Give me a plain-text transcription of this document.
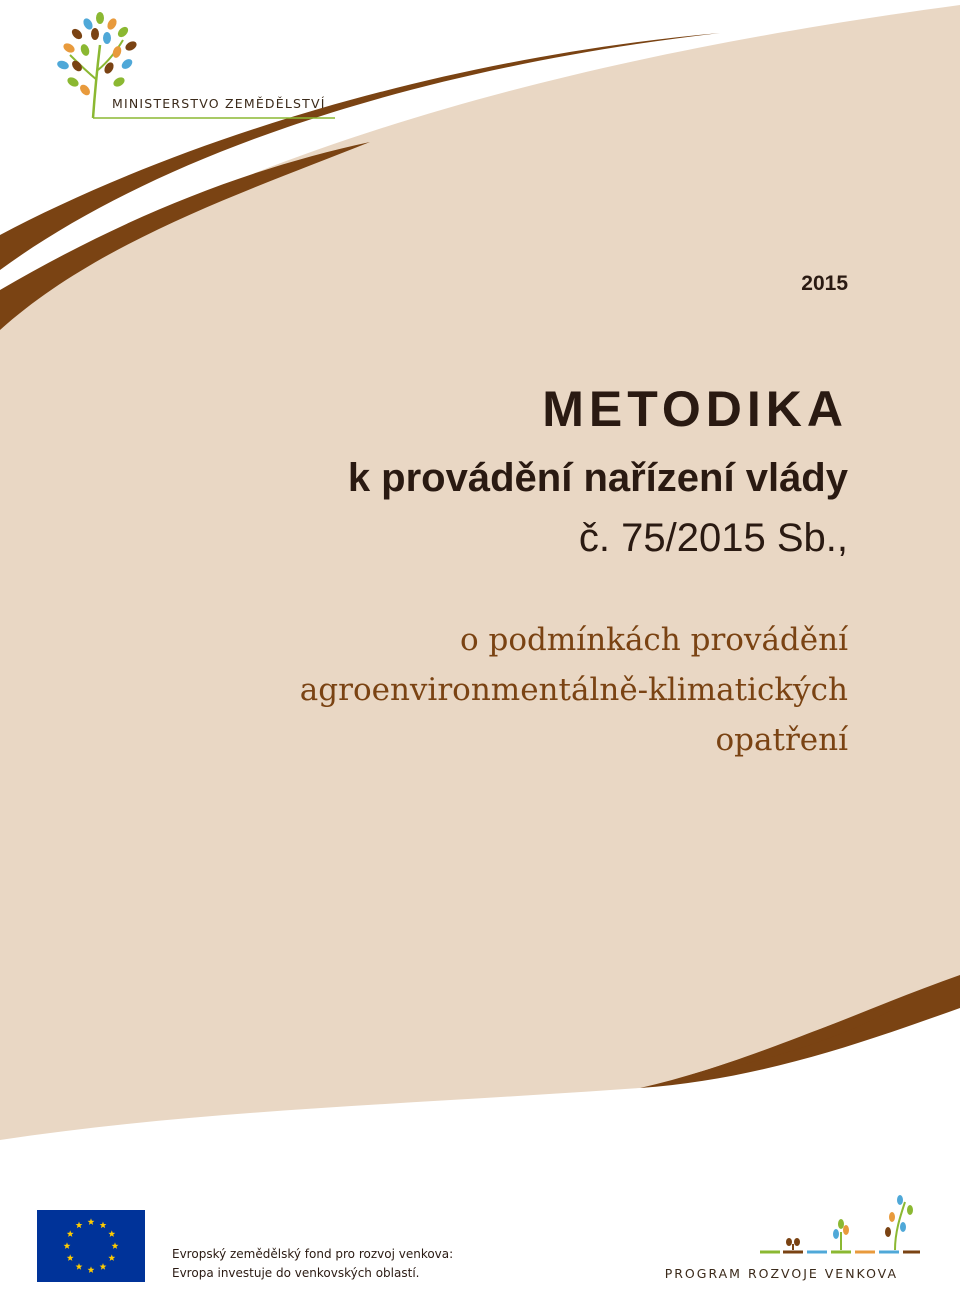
MINISTERSTVO ZEMĚDĚLSTVÍ
2015
METODIKA
k provádění nařízení vlády
č. 75/2015 Sb.,
o podmínkách provádění
agroenvironmentálně-klimatických
opatření
Evropský zemědělský fond pro rozvoj venkova:
Evropa investuje do venkovských oblastí.	PROGRAM ROZVOJE VENKOVA
